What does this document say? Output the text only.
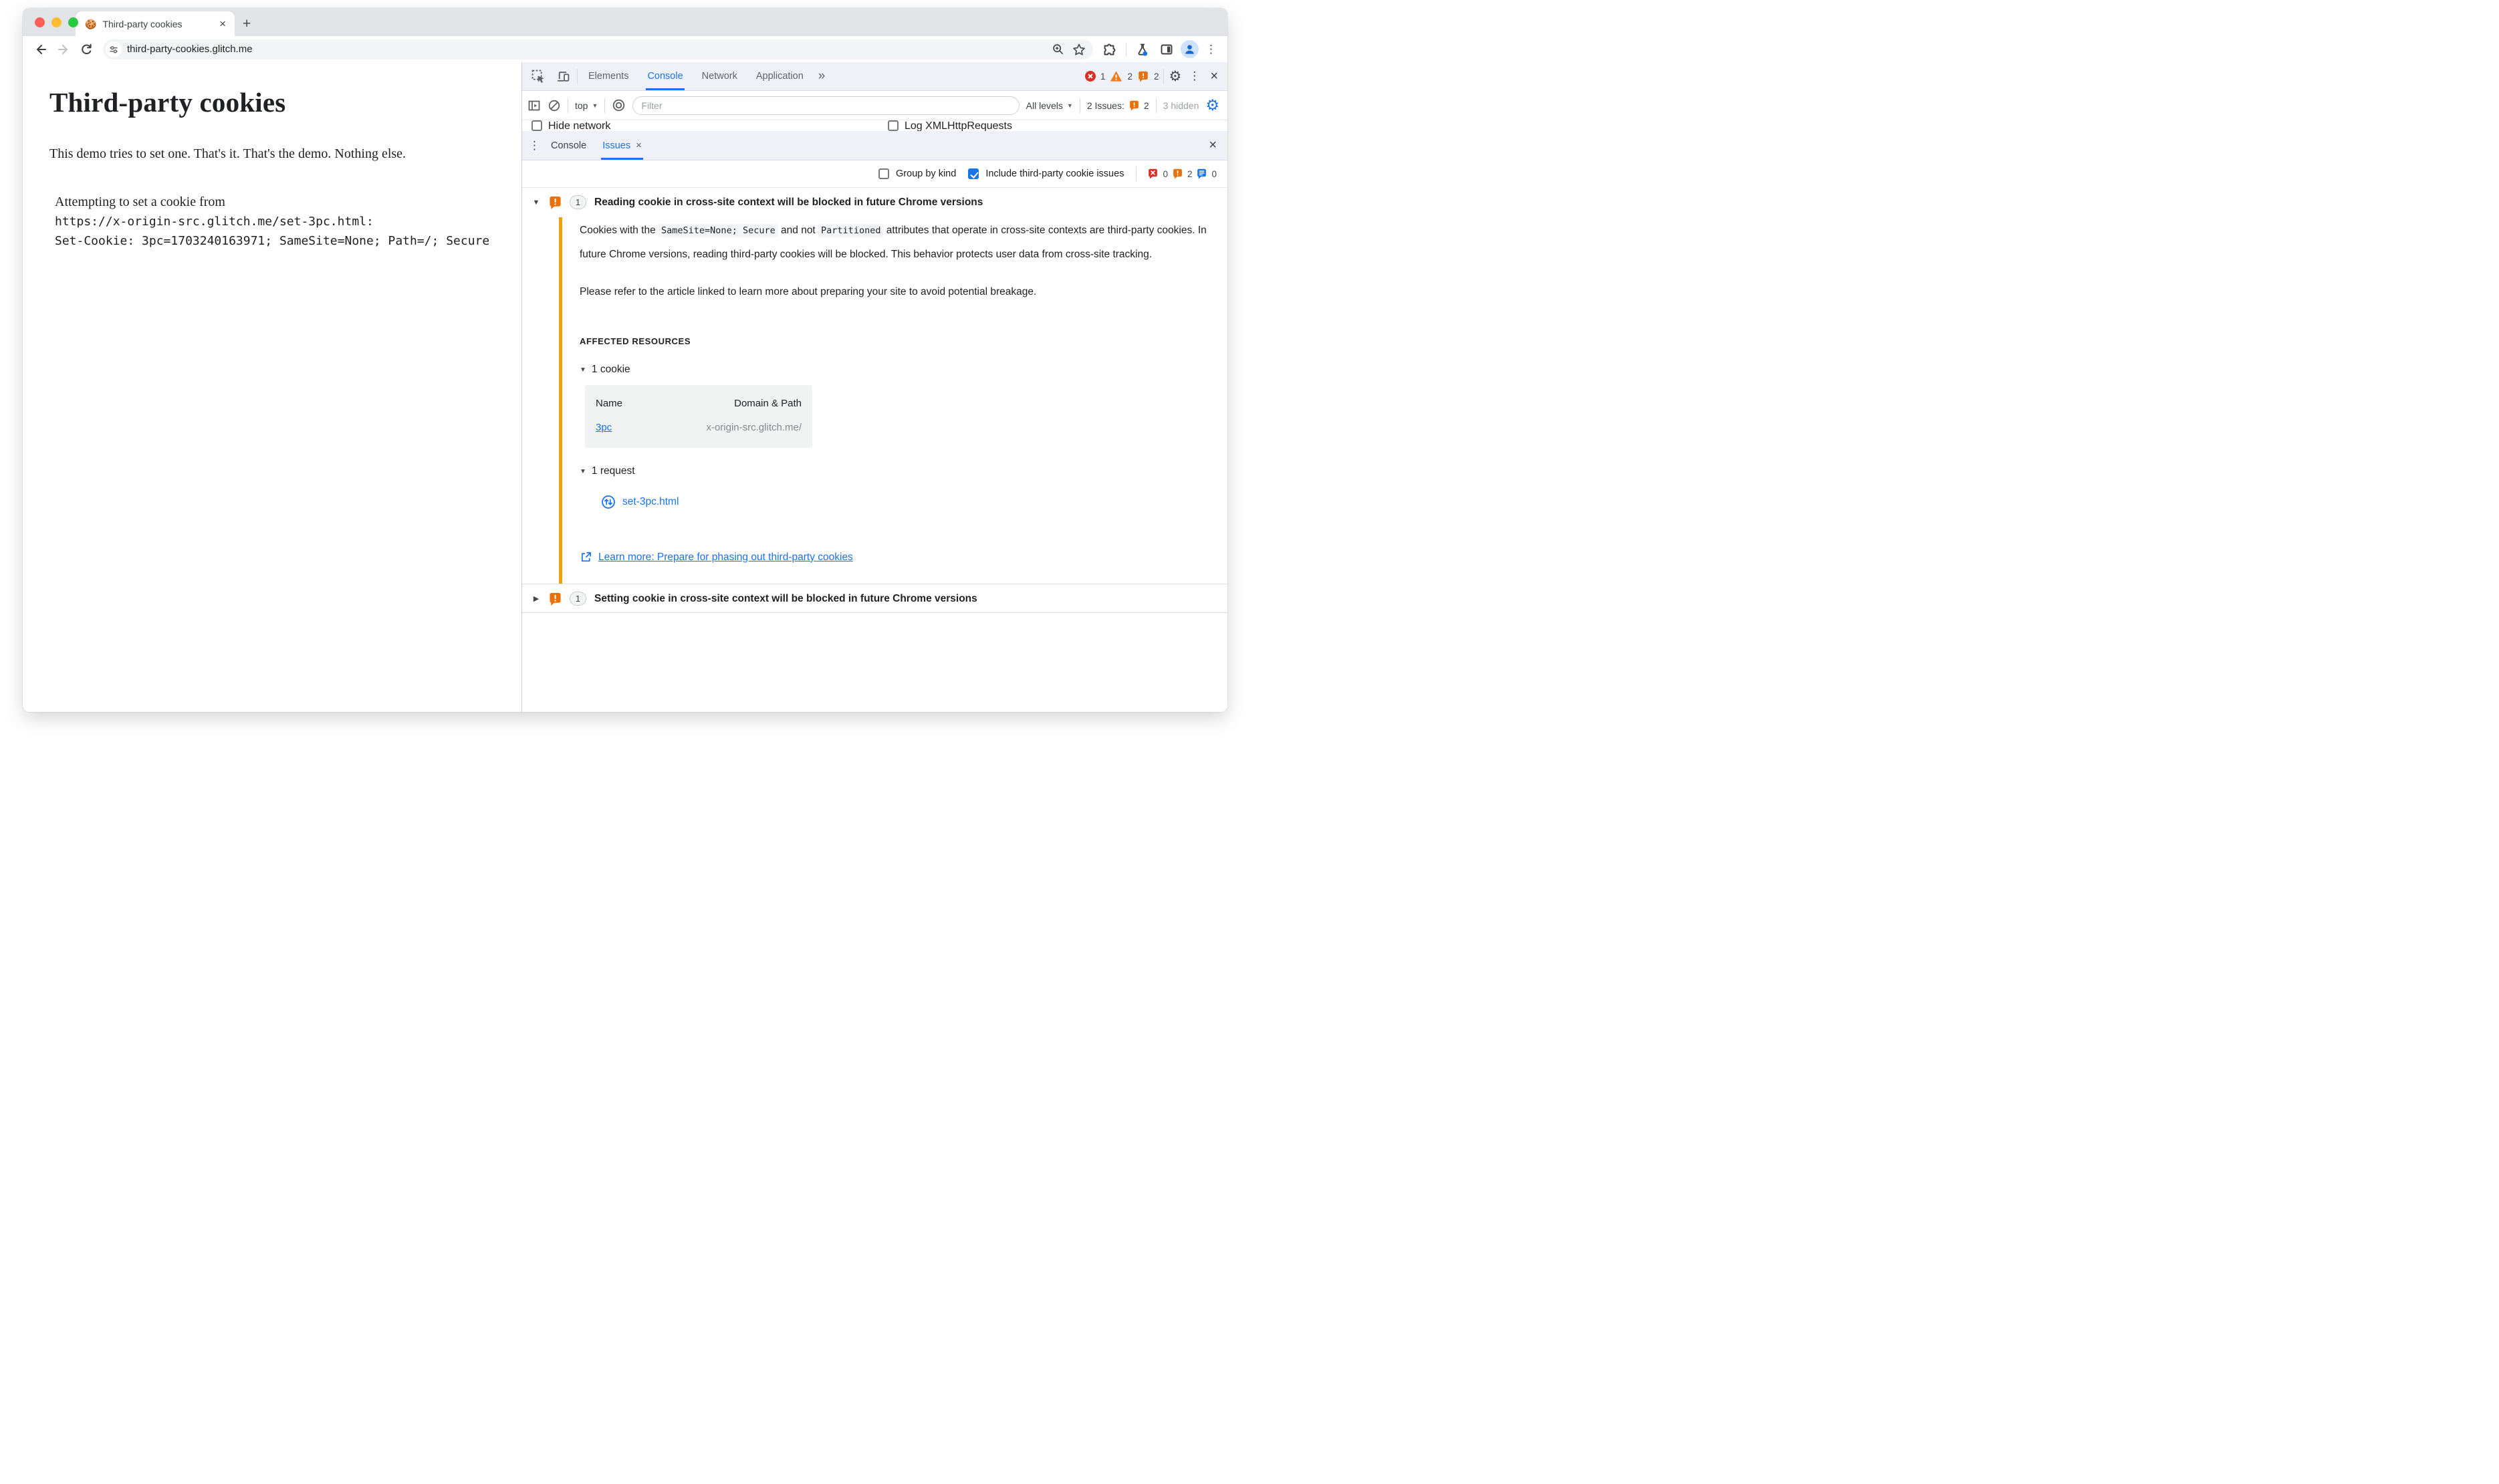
🍪 Third-party cookies	× +
third-party-cookies.glitch.me	⋮
Third-party cookies
This demo tries to set one. That's it. That's the demo. Nothing else.
Attempting to set a cookie from
https://x-origin-src.glitch.me/set-3pc.html:
Set-Cookie: 3pc=1703240163971; SameSite=None; Path=/; Secure
Elements	Console	Network	Application	»	1 2 2 ⚙ ⋮ ×
top ▼
Filter	All levels ▼ 2 Issues: 2 3 hidden ⚙
Hide network	Log XMLHttpRequests
⋮	Console	Issues ×	×
Group by kind	Include third-party cookie issues	0 2 0
▼	1	Reading cookie in cross-site context will be blocked in future Chrome versions
Cookies with the SameSite=None; Secure and not Partitioned attributes that operate in cross-site contexts are third-party cookies. In future Chrome versions, reading third-party cookies will be blocked. This behavior protects user data from cross-site tracking.
Please refer to the article linked to learn more about preparing your site to avoid potential breakage.
AFFECTED RESOURCES
▼ 1 cookie
Name	Domain & Path
3pc	x-origin-src.glitch.me/
▼ 1 request
set-3pc.html
Learn more: Prepare for phasing out third-party cookies
▶	1	Setting cookie in cross-site context will be blocked in future Chrome versions
